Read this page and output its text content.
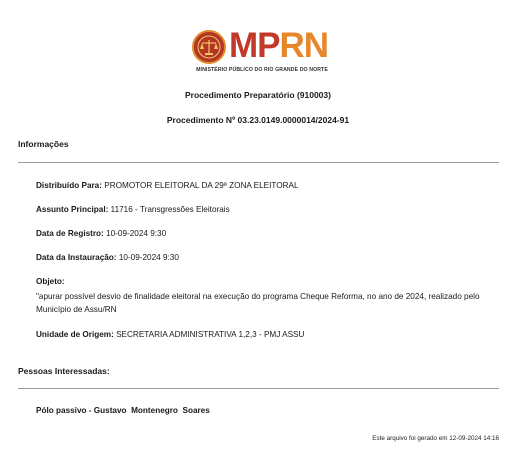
MPRN
MINISTÉRIO PÚBLICO DO RIO GRANDE DO NORTE
Procedimento Preparatório (910003)
Procedimento Nº 03.23.0149.0000014/2024-91
Informações
Distribuído Para: PROMOTOR ELEITORAL DA 29ª ZONA ELEITORAL
Assunto Principal: 11716 - Transgressões Eleitorais
Data de Registro: 10-09-2024 9:30
Data da Instauração: 10-09-2024 9:30
Objeto:
"apurar possível desvio de finalidade eleitoral na execução do programa Cheque Reforma, no ano de 2024, realizado pelo
Município de Assu/RN
Unidade de Origem: SECRETARIA ADMINISTRATIVA 1,2,3 - PMJ ASSU
Pessoas Interessadas:
Pólo passivo - Gustavo  Montenegro  Soares
Este arquivo foi gerado em 12-09-2024 14:16
